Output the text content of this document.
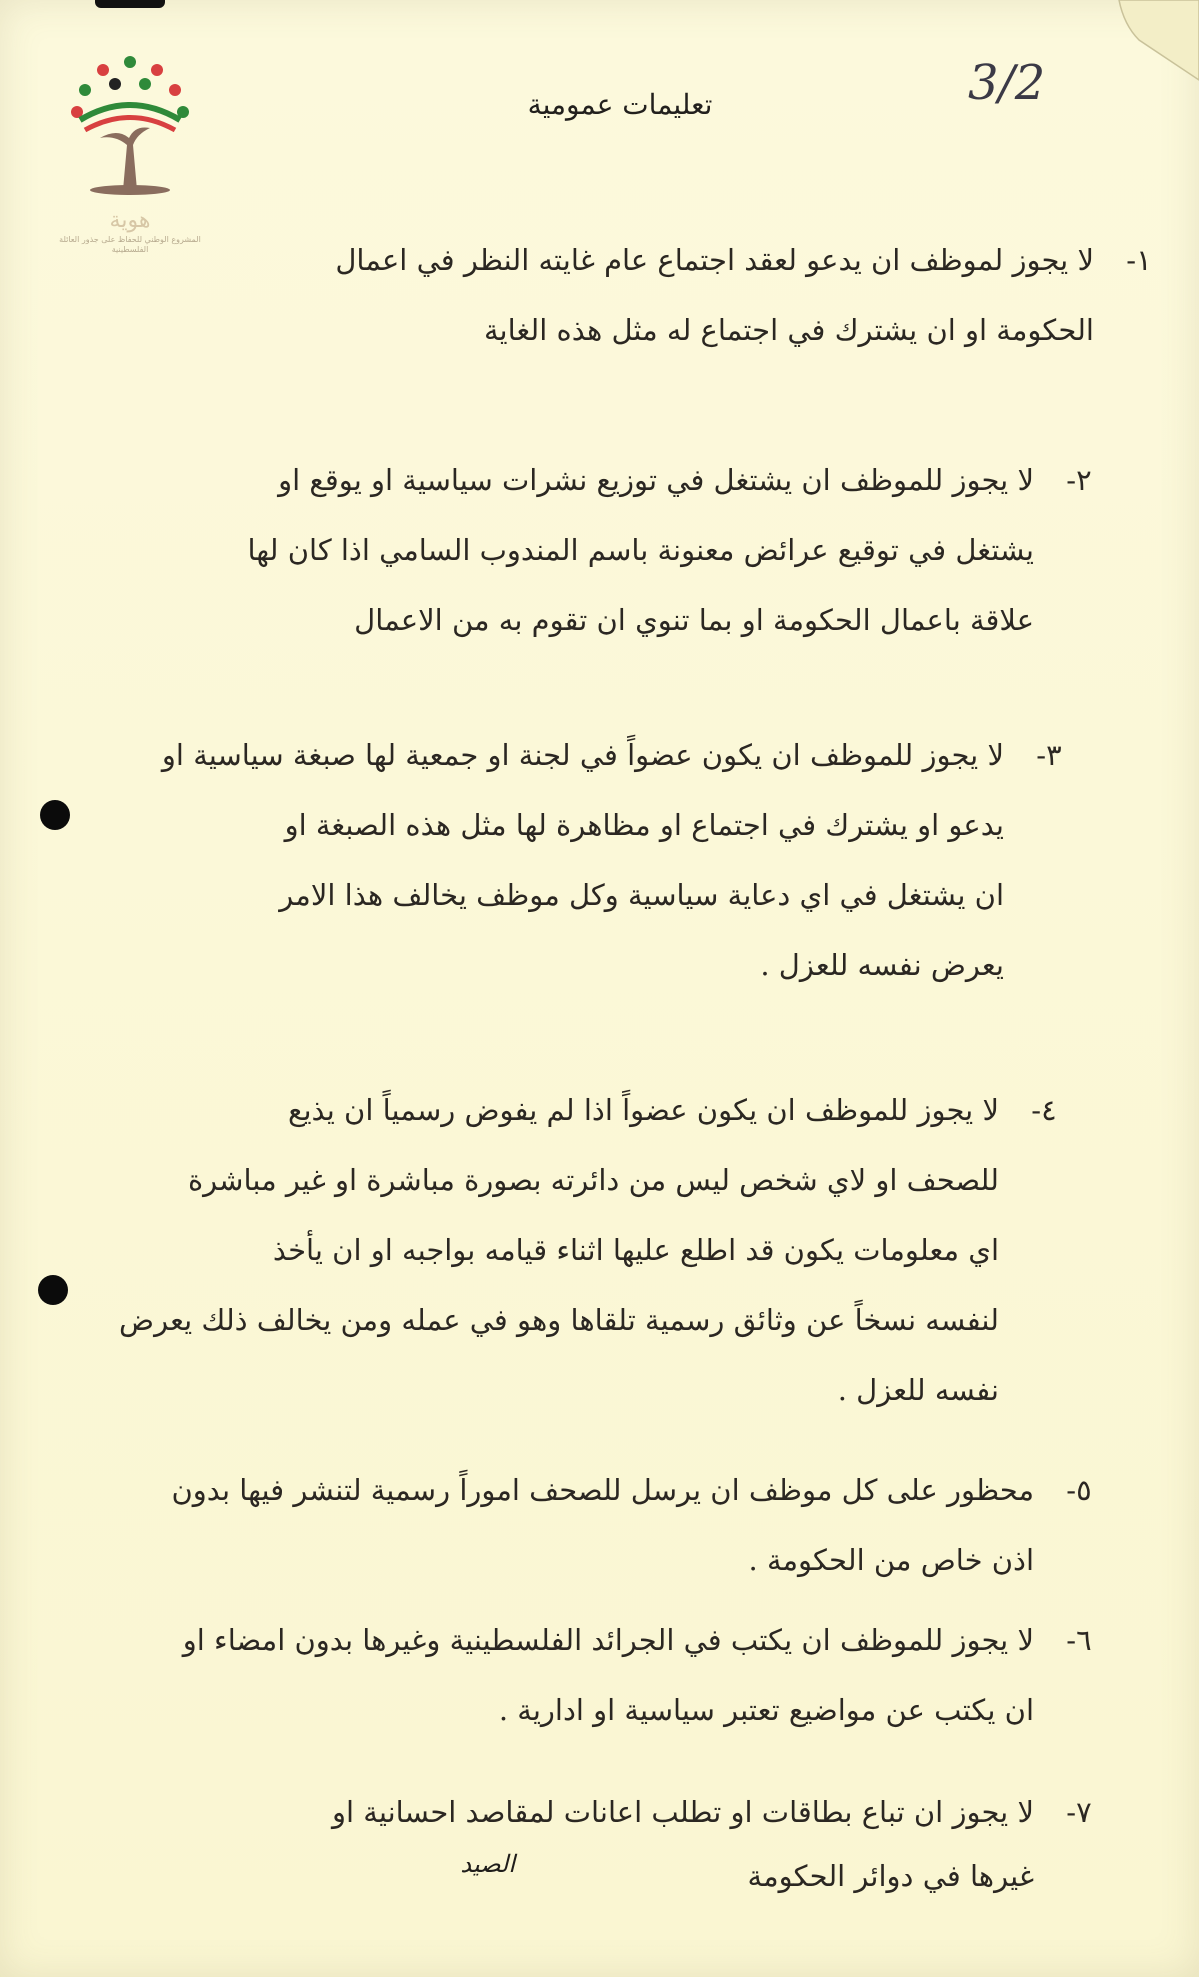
هوية
المشروع الوطني للحفاظ على جذور العائلة الفلسطينية
3/2
تعليمات عمومية
١-

لا يجوز لموظف ان يدعو لعقد اجتماع عام غايته النظر في اعمال

الحكومة او ان يشترك في اجتماع له مثل هذه الغاية

٢-

لا يجوز للموظف ان يشتغل في توزيع نشرات سياسية او يوقع او

يشتغل في توقيع عرائض معنونة باسم المندوب السامي اذا كان لها

علاقة باعمال الحكومة او بما تنوي ان تقوم به من الاعمال

٣-

لا يجوز للموظف ان يكون عضواً في لجنة او جمعية لها صبغة سياسية او

يدعو او يشترك في اجتماع او مظاهرة لها مثل هذه الصبغة او

ان يشتغل في اي دعاية سياسية وكل موظف يخالف هذا الامر

يعرض نفسه للعزل .

٤-

لا يجوز للموظف ان يكون عضواً اذا لم يفوض رسمياً ان يذيع

للصحف او لاي شخص ليس من دائرته بصورة مباشرة او غير مباشرة

اي معلومات يكون قد اطلع عليها اثناء قيامه بواجبه او ان يأخذ

لنفسه نسخاً عن وثائق رسمية تلقاها وهو في عمله ومن يخالف ذلك يعرض

نفسه للعزل .

٥-

محظور على كل موظف ان يرسل للصحف اموراً رسمية لتنشر فيها بدون

اذن خاص من الحكومة .

٦-

لا يجوز للموظف ان يكتب في الجرائد الفلسطينية وغيرها بدون امضاء او

ان يكتب عن مواضيع تعتبر سياسية او ادارية .

٧-

لا يجوز ان تباع بطاقات او تطلب اعانات لمقاصد احسانية او

غيرها في دوائر الحكومة

الصيد
